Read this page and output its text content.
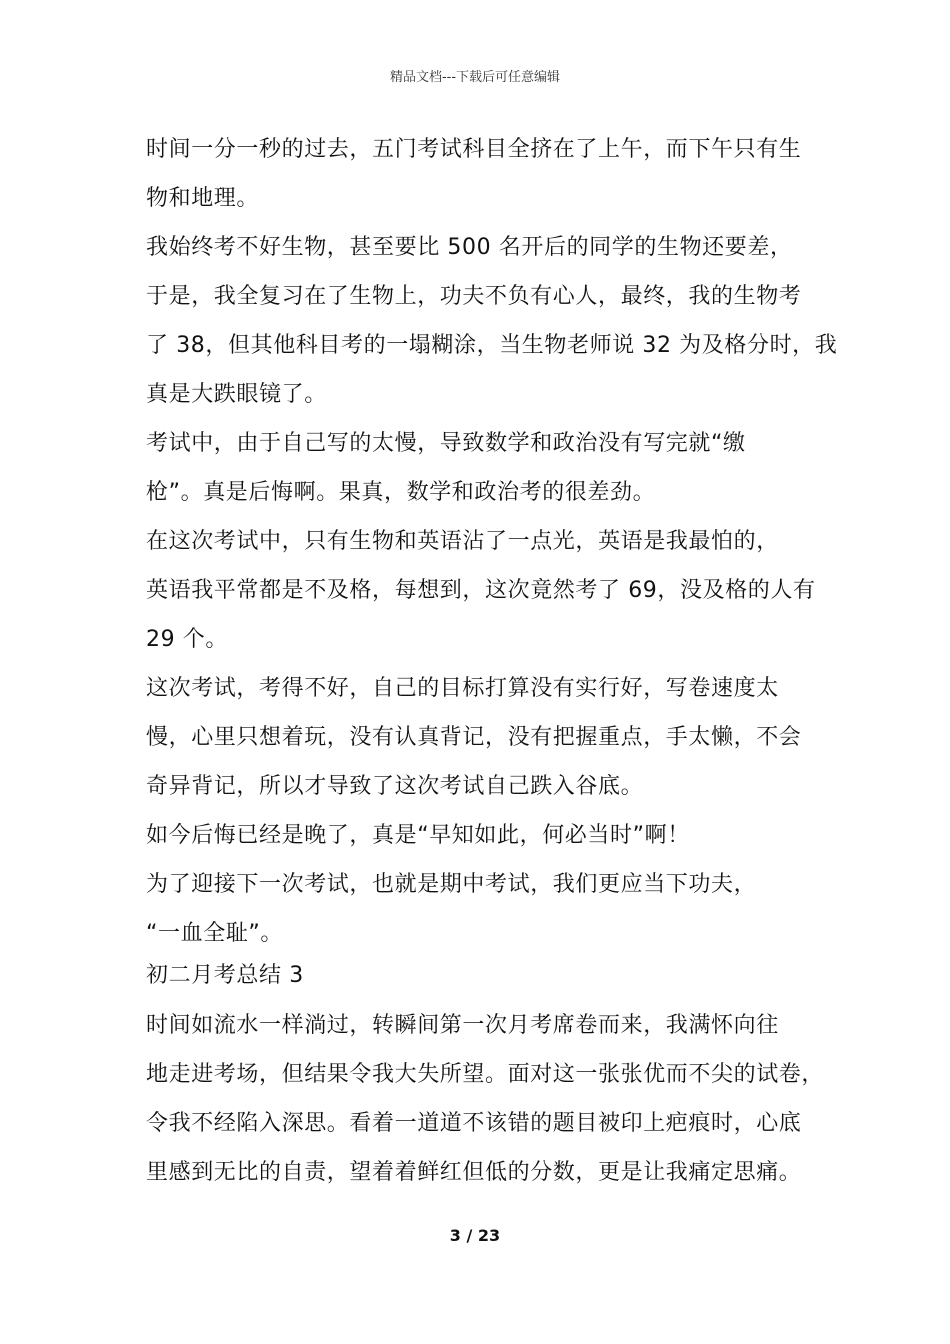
精品文档---下载后可任意编辑
时间一分一秒的过去，五门考试科目全挤在了上午，而下午只有生
物和地理。
我始终考不好生物，甚至要比 500 名开后的同学的生物还要差，
于是，我全复习在了生物上，功夫不负有心人，最终，我的生物考
了 38，但其他科目考的一塌糊涂，当生物老师说 32 为及格分时，我
真是大跌眼镜了。
考试中，由于自己写的太慢，导致数学和政治没有写完就“缴
枪”。真是后悔啊。果真，数学和政治考的很差劲。
在这次考试中，只有生物和英语沾了一点光，英语是我最怕的，
英语我平常都是不及格，每想到，这次竟然考了 69，没及格的人有
29 个。
这次考试，考得不好，自己的目标打算没有实行好，写卷速度太
慢，心里只想着玩，没有认真背记，没有把握重点，手太懒，不会
奇异背记，所以才导致了这次考试自己跌入谷底。
如今后悔已经是晚了，真是“早知如此，何必当时”啊！
为了迎接下一次考试，也就是期中考试，我们更应当下功夫，
“一血全耻”。
初二月考总结 3
时间如流水一样淌过，转瞬间第一次月考席卷而来，我满怀向往
地走进考场，但结果令我大失所望。面对这一张张优而不尖的试卷，
令我不经陷入深思。看着一道道不该错的题目被印上疤痕时，心底
里感到无比的自责，望着着鲜红但低的分数，更是让我痛定思痛。
3 / 23
